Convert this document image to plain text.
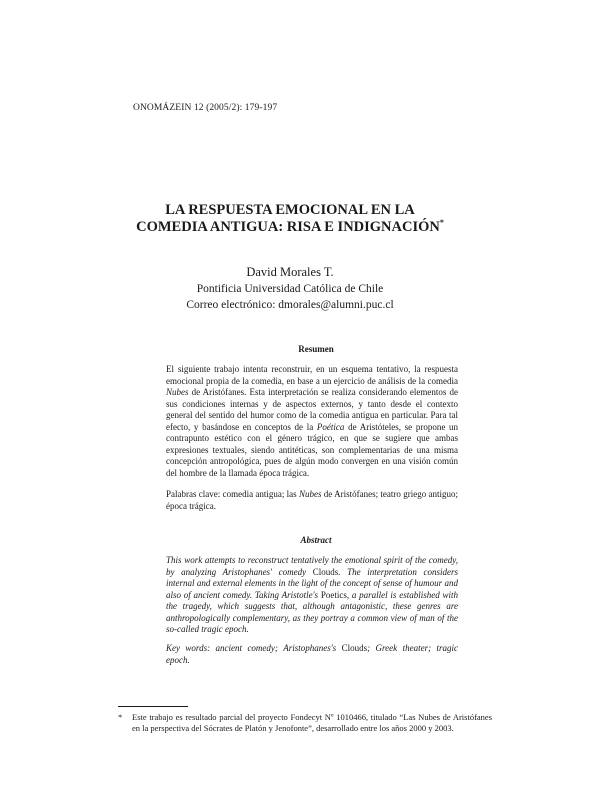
ONOMÁZEIN 12 (2005/2): 179-197
LA RESPUESTA EMOCIONAL EN LA
COMEDIA ANTIGUA: RISA E INDIGNACIÓN*
David Morales T.
Pontificia Universidad Católica de Chile
Correo electrónico: dmorales@alumni.puc.cl
Resumen
El siguiente trabajo intenta reconstruir, en un esquema tentativo, la respuesta emocional propia de la comedia, en base a un ejercicio de análisis de la comedia Nubes de Aristófanes. Esta interpretación se realiza considerando elementos de sus condiciones internas y de aspectos externos, y tanto desde el contexto general del sentido del humor como de la comedia antigua en particular. Para tal efecto, y basándose en conceptos de la Poética de Aristóteles, se propone un contrapunto estético con el género trágico, en que se sugiere que ambas expresiones textuales, siendo antitéticas, son complementarias de una misma concepción antropológica, pues de algún modo convergen en una visión común del hombre de la llamada época trágica.
Palabras clave: comedia antigua; las Nubes de Aristófanes; teatro griego antiguo; época trágica.
Abstract
This work attempts to reconstruct tentatively the emotional spirit of the comedy, by analyzing Aristophanes' comedy Clouds. The interpretation considers internal and external elements in the light of the concept of sense of humour and also of ancient comedy. Taking Aristotle's Poetics, a parallel is established with the tragedy, which suggests that, although antagonistic, these genres are anthropologically complementary, as they portray a common view of man of the so-called tragic epoch.
Key words: ancient comedy; Aristophanes's Clouds; Greek theater; tragic epoch.
* Este trabajo es resultado parcial del proyecto Fondecyt Nº 1010466, titulado “Las Nubes de Aristófanes en la perspectiva del Sócrates de Platón y Jenofonte”, desarrollado entre los años 2000 y 2003.
